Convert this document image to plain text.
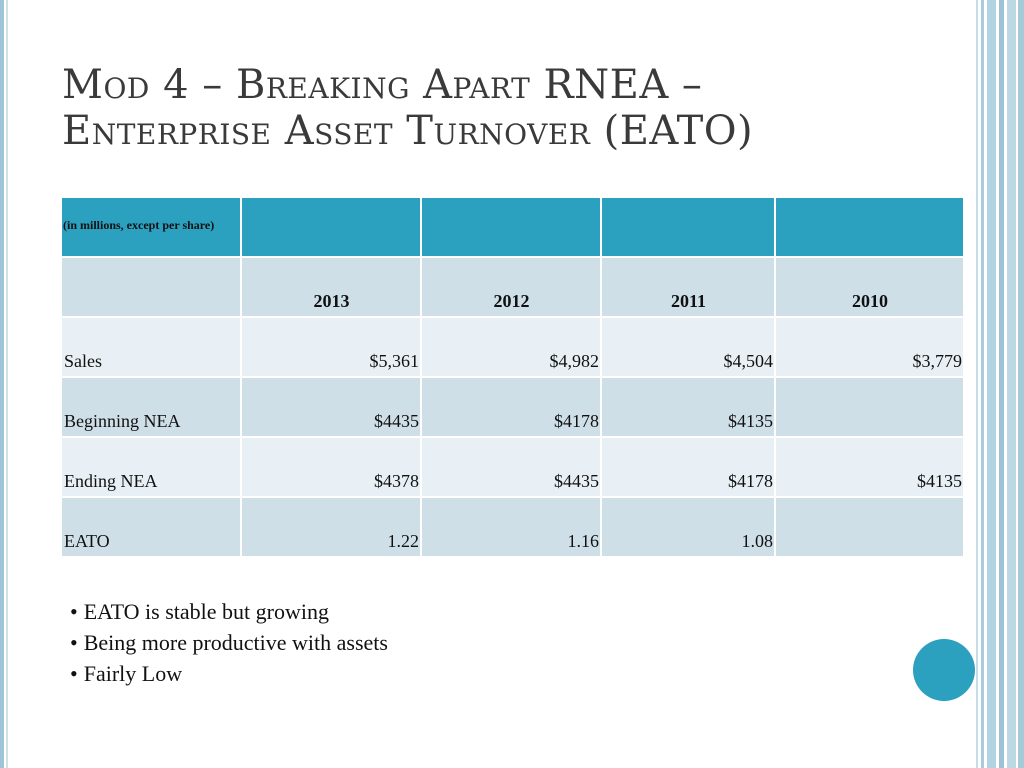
Mod 4 – Breaking Apart RNEA –
Enterprise Asset Turnover (EATO)
(in millions, except per share)				
	2013	2012	2011	2010
Sales	$5,361	$4,982	$4,504	$3,779
Beginning NEA	$4435	$4178	$4135	
Ending NEA	$4378	$4435	$4178	$4135
EATO	1.22	1.16	1.08	
• EATO is stable but growing
• Being more productive with assets
• Fairly Low
